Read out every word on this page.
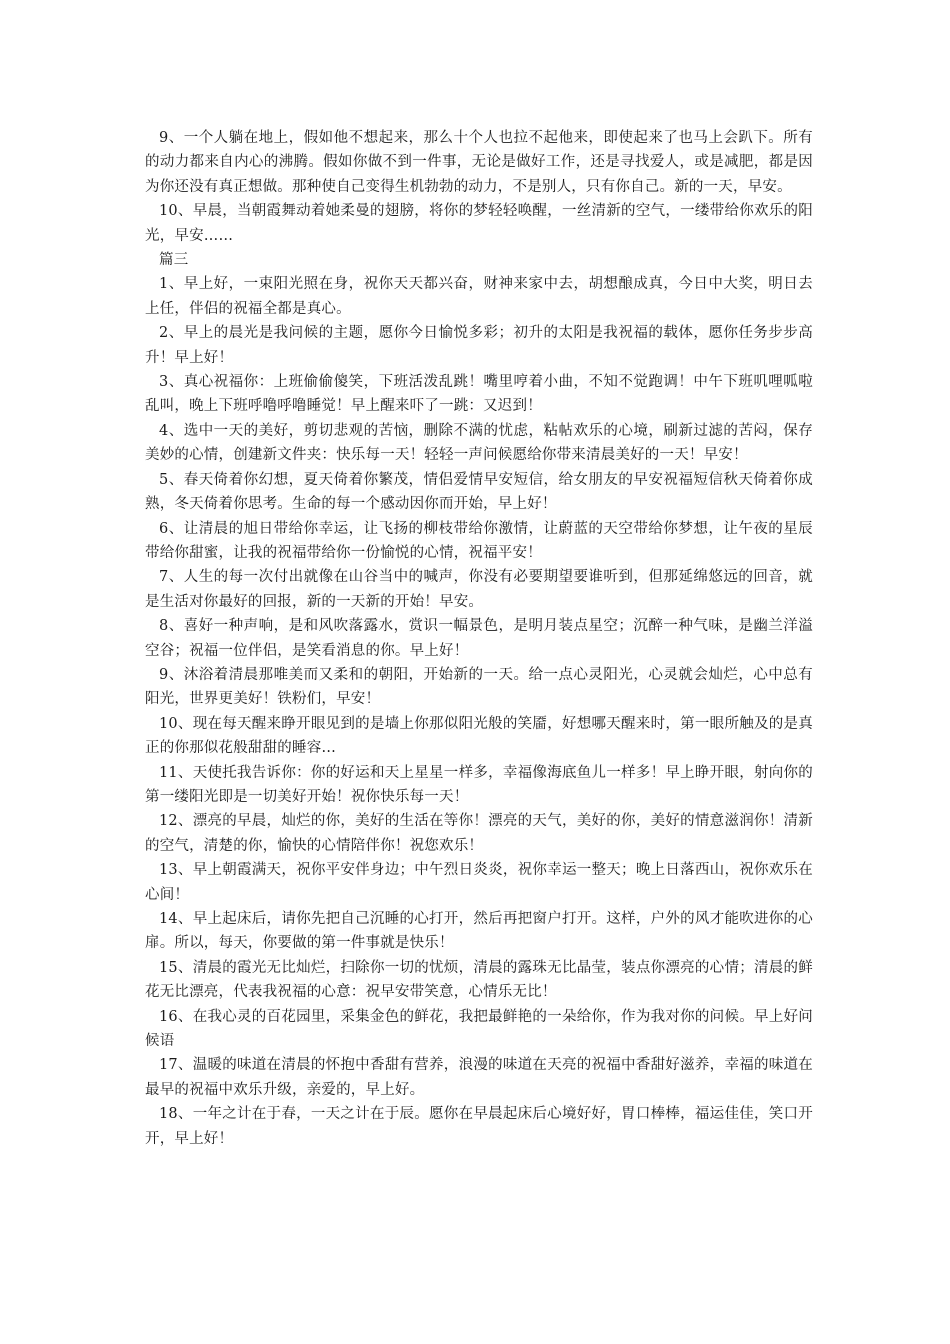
9、一个人躺在地上，假如他不想起来，那么十个人也拉不起他来，即使起来了也马上会趴下。所有的动力都来自内心的沸腾。假如你做不到一件事，无论是做好工作，还是寻找爱人，或是减肥，都是因为你还没有真正想做。那种使自己变得生机勃勃的动力，不是别人，只有你自己。新的一天，早安。

10、早晨，当朝霞舞动着她柔曼的翅膀，将你的梦轻轻唤醒，一丝清新的空气，一缕带给你欢乐的阳光，早安……

篇三

1、早上好，一束阳光照在身，祝你天天都兴奋，财神来家中去，胡想酿成真，今日中大奖，明日去上任，伴侣的祝福全都是真心。

2、早上的晨光是我问候的主题，愿你今日愉悦多彩；初升的太阳是我祝福的载体，愿你任务步步高升！早上好！

3、真心祝福你：上班偷偷傻笑，下班活泼乱跳！嘴里哼着小曲，不知不觉跑调！中午下班叽哩呱啦乱叫，晚上下班呼噜呼噜睡觉！早上醒来吓了一跳：又迟到！

4、选中一天的美好，剪切悲观的苦恼，删除不满的忧虑，粘帖欢乐的心境，刷新过滤的苦闷，保存美妙的心情，创建新文件夹：快乐每一天！轻轻一声问候愿给你带来清晨美好的一天！早安！

5、春天倚着你幻想，夏天倚着你繁茂，情侣爱情早安短信，给女朋友的早安祝福短信秋天倚着你成熟，冬天倚着你思考。生命的每一个感动因你而开始，早上好！

6、让清晨的旭日带给你幸运，让飞扬的柳枝带给你激情，让蔚蓝的天空带给你梦想，让午夜的星辰带给你甜蜜，让我的祝福带给你一份愉悦的心情，祝福平安！

7、人生的每一次付出就像在山谷当中的喊声，你没有必要期望要谁听到，但那延绵悠远的回音，就是生活对你最好的回报，新的一天新的开始！早安。

8、喜好一种声响，是和风吹落露水，赏识一幅景色，是明月装点星空；沉醉一种气味，是幽兰洋溢空谷；祝福一位伴侣，是笑看消息的你。早上好！

9、沐浴着清晨那唯美而又柔和的朝阳，开始新的一天。给一点心灵阳光，心灵就会灿烂，心中总有阳光，世界更美好！铁粉们，早安！

10、现在每天醒来睁开眼见到的是墙上你那似阳光般的笑靥，好想哪天醒来时，第一眼所触及的是真正的你那似花般甜甜的睡容…

11、天使托我告诉你：你的好运和天上星星一样多，幸福像海底鱼儿一样多！早上睁开眼，射向你的第一缕阳光即是一切美好开始！祝你快乐每一天！

12、漂亮的早晨，灿烂的你，美好的生活在等你！漂亮的天气，美好的你，美好的情意滋润你！清新的空气，清楚的你，愉快的心情陪伴你！祝您欢乐！

13、早上朝霞满天，祝你平安伴身边；中午烈日炎炎，祝你幸运一整天；晚上日落西山，祝你欢乐在心间！

14、早上起床后，请你先把自己沉睡的心打开，然后再把窗户打开。这样，户外的风才能吹进你的心扉。所以，每天，你要做的第一件事就是快乐！

15、清晨的霞光无比灿烂，扫除你一切的忧烦，清晨的露珠无比晶莹，装点你漂亮的心情；清晨的鲜花无比漂亮，代表我祝福的心意：祝早安带笑意，心情乐无比！

16、在我心灵的百花园里，采集金色的鲜花，我把最鲜艳的一朵给你，作为我对你的问候。早上好问候语

17、温暖的味道在清晨的怀抱中香甜有营养，浪漫的味道在天亮的祝福中香甜好滋养，幸福的味道在最早的祝福中欢乐升级，亲爱的，早上好。

18、一年之计在于春，一天之计在于辰。愿你在早晨起床后心境好好，胃口棒棒，福运佳佳，笑口开开，早上好！
